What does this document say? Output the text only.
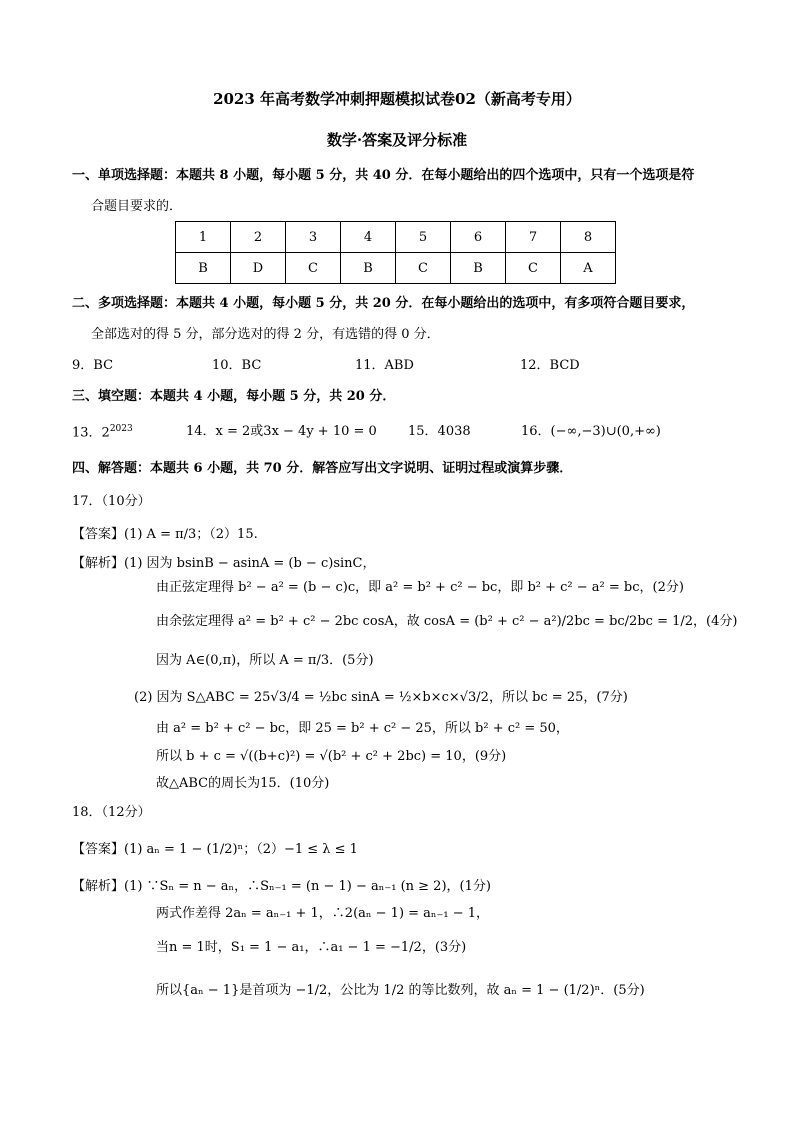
2023 年高考数学冲刺押题模拟试卷02（新高考专用）
数学·答案及评分标准
一、单项选择题：本题共 8 小题，每小题 5 分，共 40 分．在每小题给出的四个选项中，只有一个选项是符
合题目要求的．
1	2	3	4	5	6	7	8
B	D	C	B	C	B	C	A
二、多项选择题：本题共 4 小题，每小题 5 分，共 20 分．在每小题给出的选项中，有多项符合题目要求，
全部选对的得 5 分，部分选对的得 2 分，有选错的得 0 分．
9．BC	10．BC	11．ABD	12．BCD
三、填空题：本题共 4 小题，每小题 5 分，共 20 分．
13．$2^{2023}$	14．x = 2或3x − 4y + 10 = 0 15．4038	16．(−∞,−3)∪(0,+∞)
四、解答题：本题共 6 小题，共 70 分．解答应写出文字说明、证明过程或演算步骤．
17．（10分）
【答案】(1) A = π/3；（2）15.
【解析】(1) 因为 bsinB − asinA = (b − c)sinC，
由正弦定理得 b² − a² = (b − c)c，即 a² = b² + c² − bc，即 b² + c² − a² = bc，(2分)
由余弦定理得 a² = b² + c² − 2bc cosA，故 cosA = (b² + c² − a²)/2bc = bc/2bc = 1/2，(4分)
因为 A∈(0,π)，所以 A = π/3．(5分)
(2) 因为 S△ABC = 25√3/4 = ½bc sinA = ½×b×c×√3/2，所以 bc = 25，(7分)
由 a² = b² + c² − bc，即 25 = b² + c² − 25，所以 b² + c² = 50，
所以 b + c = √((b+c)²) = √(b² + c² + 2bc) = 10，(9分)
故△ABC的周长为15．(10分)
18．（12分）
【答案】(1) aₙ = 1 − (1/2)ⁿ；（2）−1 ≤ λ ≤ 1
【解析】(1) ∵Sₙ = n − aₙ，∴Sₙ₋₁ = (n − 1) − aₙ₋₁ (n ≥ 2)，(1分)
两式作差得 2aₙ = aₙ₋₁ + 1，∴2(aₙ − 1) = aₙ₋₁ − 1，
当n = 1时，S₁ = 1 − a₁，∴a₁ − 1 = −1/2，(3分)
所以{aₙ − 1}是首项为 −1/2，公比为 1/2 的等比数列，故 aₙ = 1 − (1/2)ⁿ．(5分)
